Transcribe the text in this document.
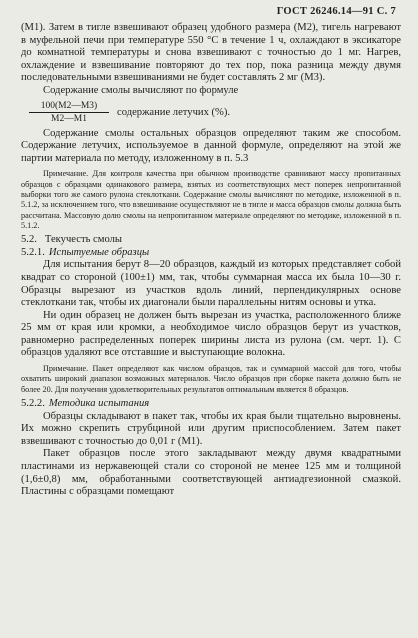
ГОСТ 26246.14—91 С. 7

(M1). Затем в тигле взвешивают образец удобного размера (M2), тигель нагревают в муфельной печи при температуре 550 °С в течение 1 ч, охлаждают в эксикаторе до комнатной температуры и снова взвешивают с точностью до 1 мг. Нагрев, охлаждение и взвешивание повторяют до тех пор, пока разница между двумя последовательными взвешиваниями не будет составлять 2 мг (M3).

Содержание смолы вычисляют по формуле

$\frac{100(M2—M3)}{M2—M1}$ содержание летучих (%).

Содержание смолы остальных образцов определяют таким же способом. Содержание летучих, используемое в данной формуле, определяют на этой же партии материала по методу, изложенному в п. 5.3

Примечание. Для контроля качества при обычном производстве сравнивают массу пропитанных образцов с образцами одинакового размера, взятых из соответствующих мест поперек непропитанной выборки того же самого рулона стеклоткани. Содержание смолы вычисляют по методике, изложенной в п. 5.1.2, за исключением того, что взвешивание осуществляют не в тигле и масса образцов смолы должна быть рассчитана. Массовую долю смолы на непропитанном материале определяют по методике, изложенной в п. 5.1.2.

5.2. Текучесть смолы
5.2.1. Испытуемые образцы

Для испытания берут 8—20 образцов, каждый из которых представляет собой квадрат со стороной (100±1) мм, так, чтобы суммарная масса их была 10—30 г. Образцы вырезают из участков вдоль линий, перпендикулярных основе стеклоткани так, чтобы их диагонали были параллельны нитям основы и утка.

Ни один образец не должен быть вырезан из участка, расположенного ближе 25 мм от края или кромки, а необходимое число образцов берут из участков, равномерно распределенных поперек ширины листа из рулона (см. черт. 1). С образцов удаляют все отставшие и выступающие волокна.

Примечание. Пакет определяют как числом образцов, так и суммарной массой для того, чтобы охватить широкий диапазон возможных материалов. Число образцов при сборке пакета должно быть не более 20. Для получения удовлетворительных результатов оптимальным является 8 образцов.

5.2.2. Методика испытания

Образцы складывают в пакет так, чтобы их края были тщательно выровнены. Их можно скрепить струбциной или другим приспособлением. Затем пакет взвешивают с точностью до 0,01 г (M1).

Пакет образцов после этого закладывают между двумя квадратными пластинами из нержавеющей стали со стороной не менее 125 мм и толщиной (1,6±0,8) мм, обработанными соответствующей антиадгезионной смазкой. Пластины с образцами помещают
